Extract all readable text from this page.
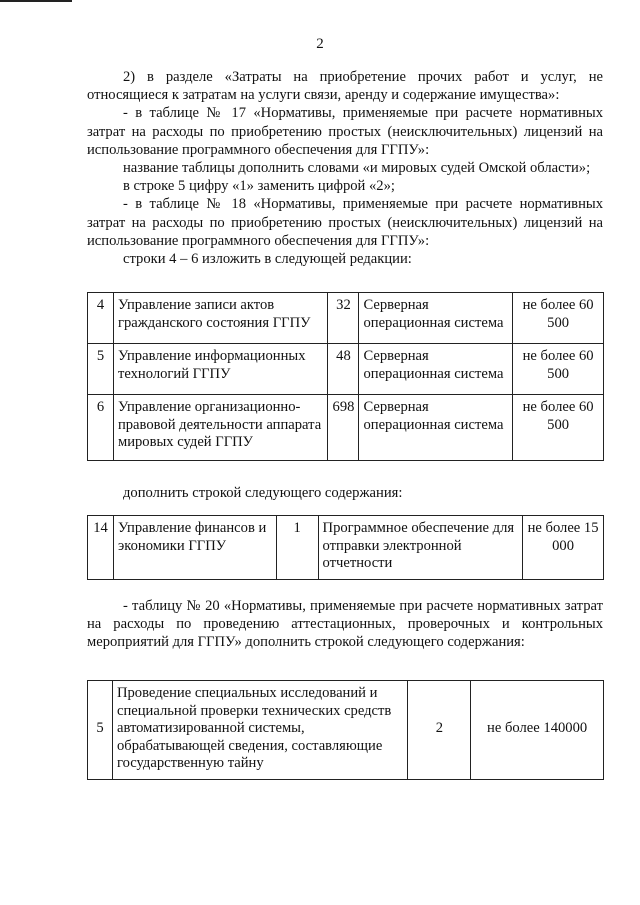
2

2) в разделе «Затраты на приобретение прочих работ и услуг, не относящиеся к затратам на услуги связи, аренду и содержание имущества»:

- в таблице № 17 «Нормативы, применяемые при расчете нормативных затрат на расходы по приобретению простых (неисключительных) лицензий на использование программного обеспечения для ГГПУ»:

название таблицы дополнить словами «и мировых судей Омской области»;

в строке 5 цифру «1» заменить цифрой «2»;

- в таблице № 18 «Нормативы, применяемые при расчете нормативных затрат на расходы по приобретению простых (неисключительных) лицензий на использование программного обеспечения для ГГПУ»:

строки 4 – 6 изложить в следующей редакции:

4	Управление записи актов гражданского состояния ГГПУ	32	Серверная операционная система	не более 60 500
5	Управление информационных технологий ГГПУ	48	Серверная операционная система	не более 60 500
6	Управление организационно-правовой деятельности аппарата мировых судей ГГПУ	698	Серверная операционная система	не более 60 500

дополнить строкой следующего содержания:

14	Управление финансов и экономики ГГПУ	1	Программное обеспечение для отправки электронной отчетности	не более 15 000

- таблицу № 20 «Нормативы, применяемые при расчете нормативных затрат на расходы по проведению аттестационных, проверочных и контрольных мероприятий для ГГПУ» дополнить строкой следующего содержания:

5	Проведение специальных исследований и специальной проверки технических средств автоматизированной системы, обрабатывающей сведения, составляющие государственную тайну	2	не более 140000
